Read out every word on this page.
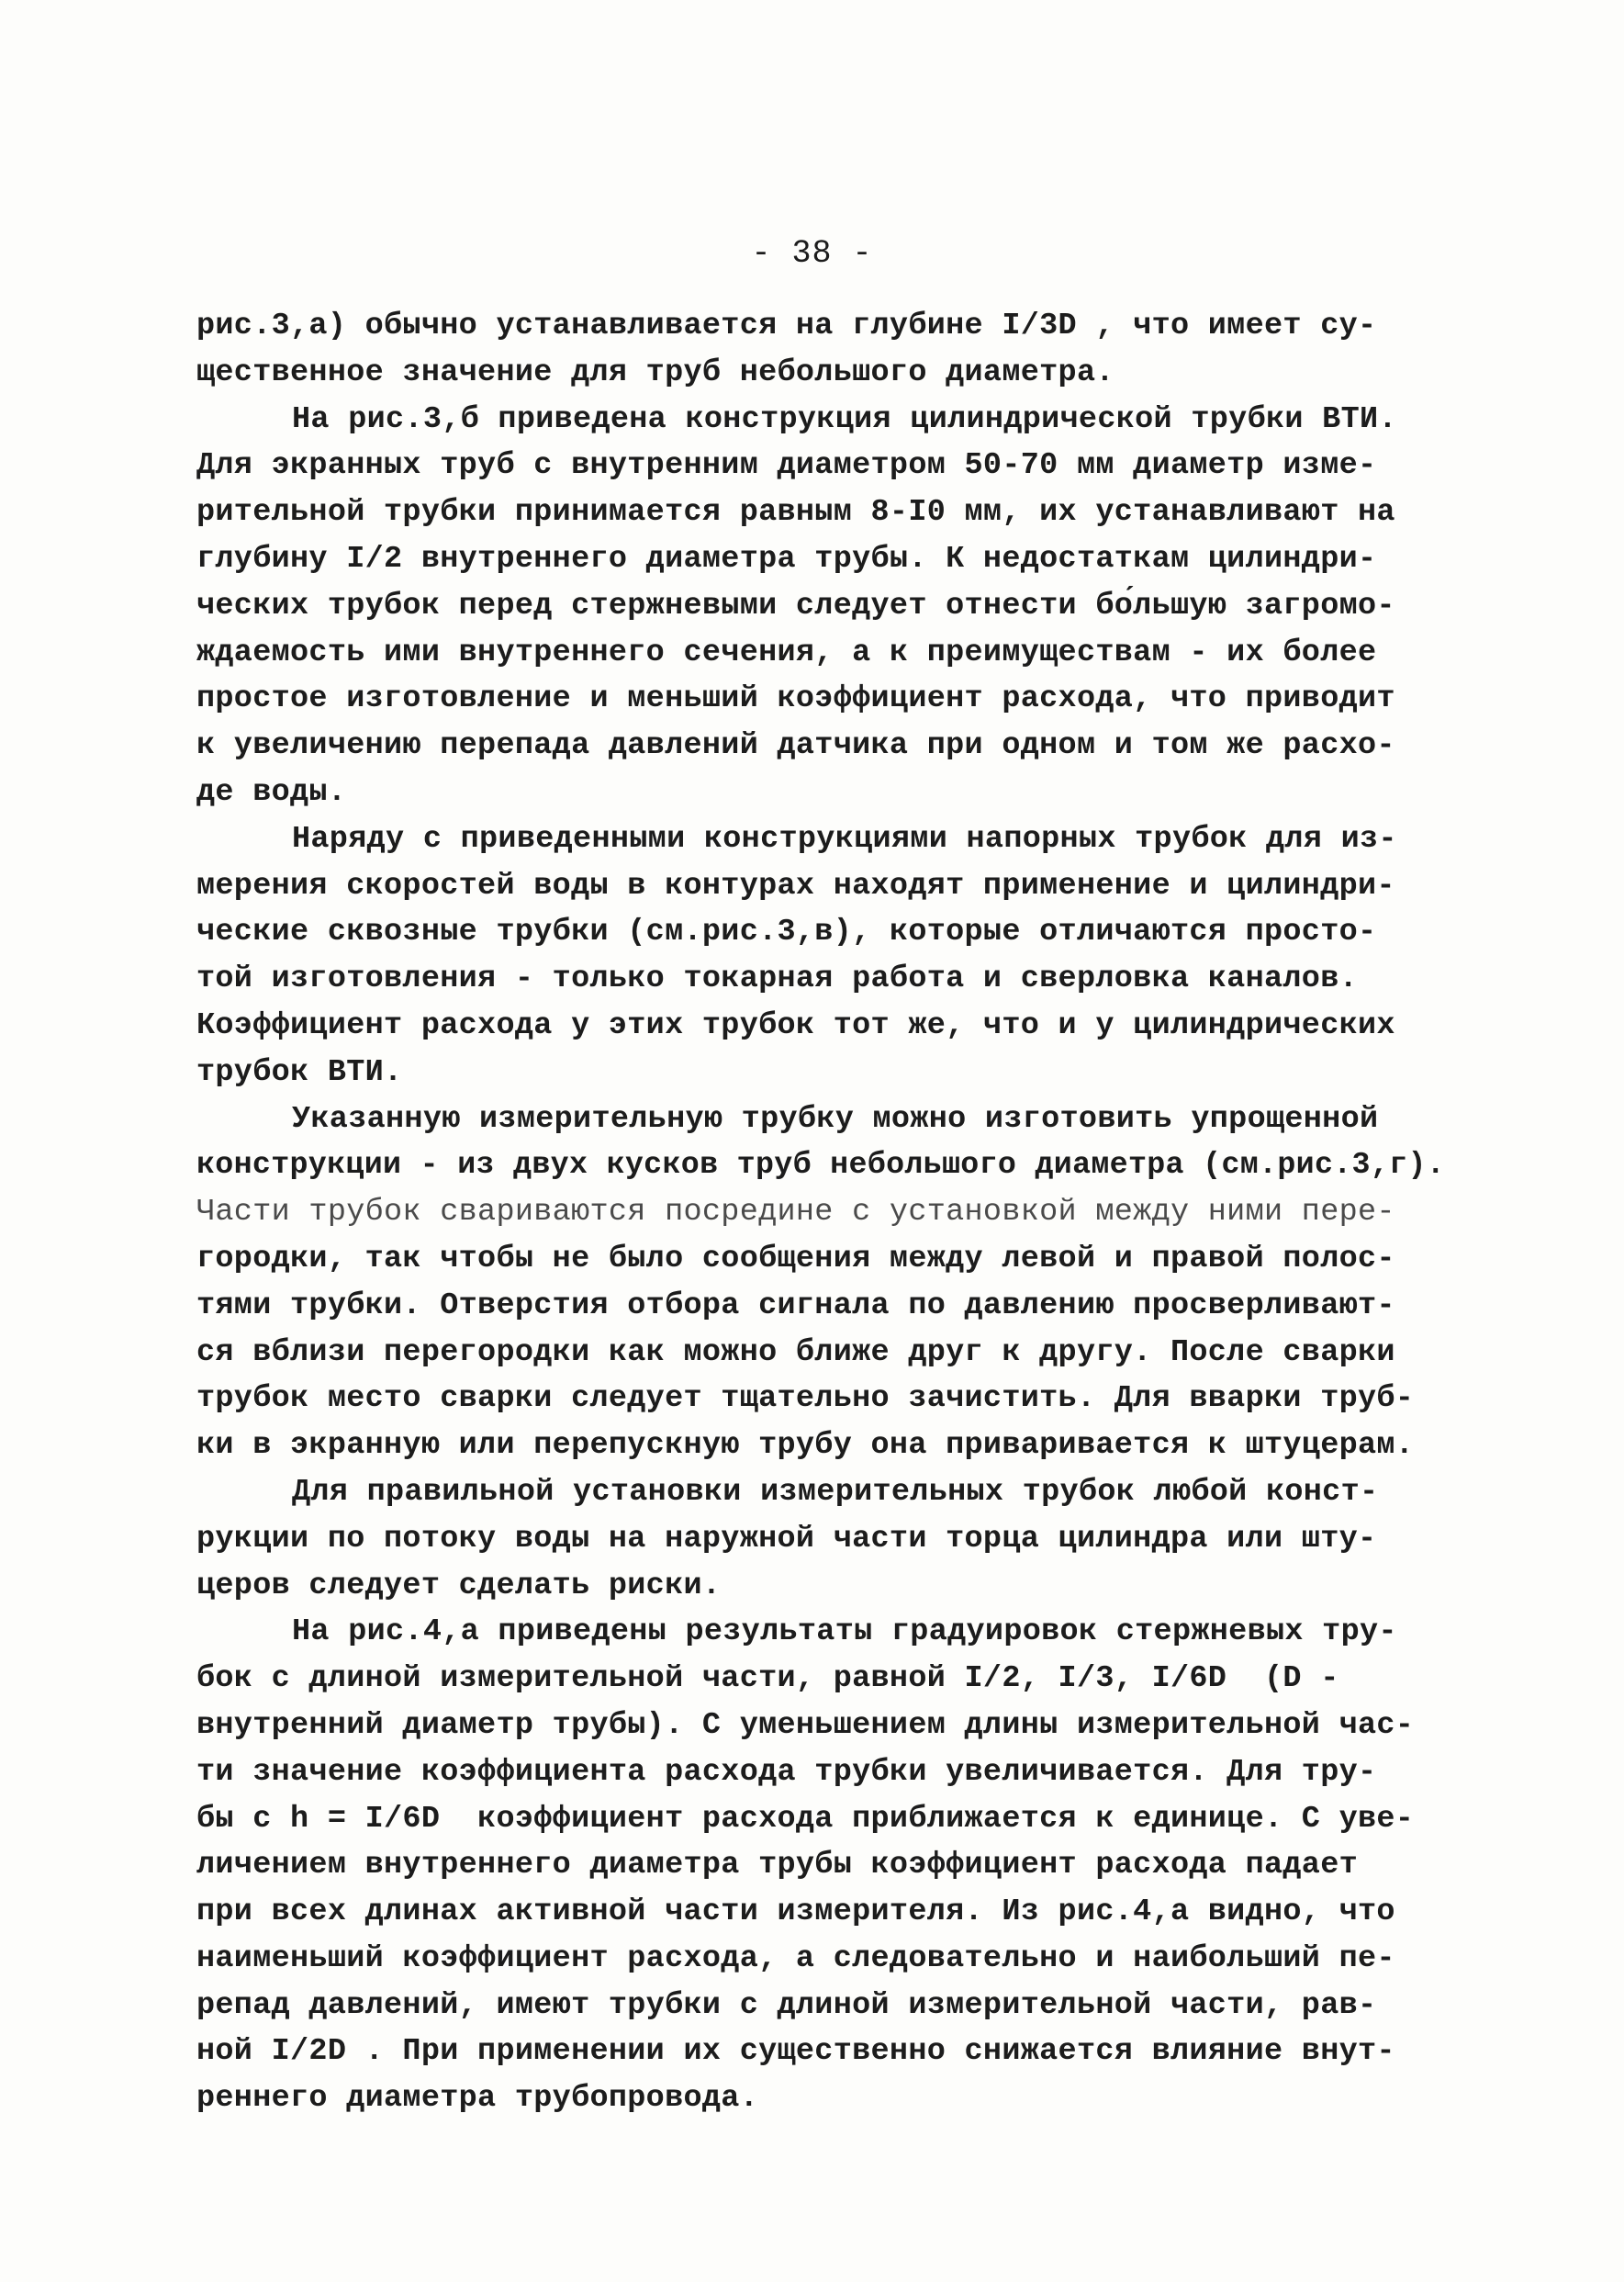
- 38 -
рис.3,а) обычно устанавливается на глубине I/3D , что имеет су-
щественное значение для труб небольшого диаметра.
На рис.3,б приведена конструкция цилиндрической трубки ВТИ.
Для экранных труб с внутренним диаметром 50-70 мм диаметр изме-
рительной трубки принимается равным 8-I0 мм, их устанавливают на
глубину I/2 внутреннего диаметра трубы. К недостаткам цилиндри-
ческих трубок перед стержневыми следует отнести бо́льшую загромо-
ждаемость ими внутреннего сечения, а к преимуществам - их более
простое изготовление и меньший коэффициент расхода, что приводит
к увеличению перепада давлений датчика при одном и том же расхо-
де воды.
Наряду с приведенными конструкциями напорных трубок для из-
мерения скоростей воды в контурах находят применение и цилиндри-
ческие сквозные трубки (см.рис.3,в), которые отличаются просто-
той изготовления - только токарная работа и сверловка каналов.
Коэффициент расхода у этих трубок тот же, что и у цилиндрических
трубок ВТИ.
Указанную измерительную трубку можно изготовить упрощенной
конструкции - из двух кусков труб небольшого диаметра (см.рис.3,г).
Части трубок свариваются посредине с установкой между ними пере-
городки, так чтобы не было сообщения между левой и правой полос-
тями трубки. Отверстия отбора сигнала по давлению просверливают-
ся вблизи перегородки как можно ближе друг к другу. После сварки
трубок место сварки следует тщательно зачистить. Для вварки труб-
ки в экранную или перепускную трубу она приваривается к штуцерам.
Для правильной установки измерительных трубок любой конст-
рукции по потоку воды на наружной части торца цилиндра или шту-
церов следует сделать риски.
На рис.4,а приведены результаты градуировок стержневых тру-
бок с длиной измерительной части, равной I/2, I/3, I/6D  (D -
внутренний диаметр трубы). С уменьшением длины измерительной час-
ти значение коэффициента расхода трубки увеличивается. Для тру-
бы с h = I/6D  коэффициент расхода приближается к единице. С уве-
личением внутреннего диаметра трубы коэффициент расхода падает
при всех длинах активной части измерителя. Из рис.4,а видно, что
наименьший коэффициент расхода, а следовательно и наибольший пе-
репад давлений, имеют трубки с длиной измерительной части, рав-
ной I/2D . При применении их существенно снижается влияние внут-
реннего диаметра трубопровода.
